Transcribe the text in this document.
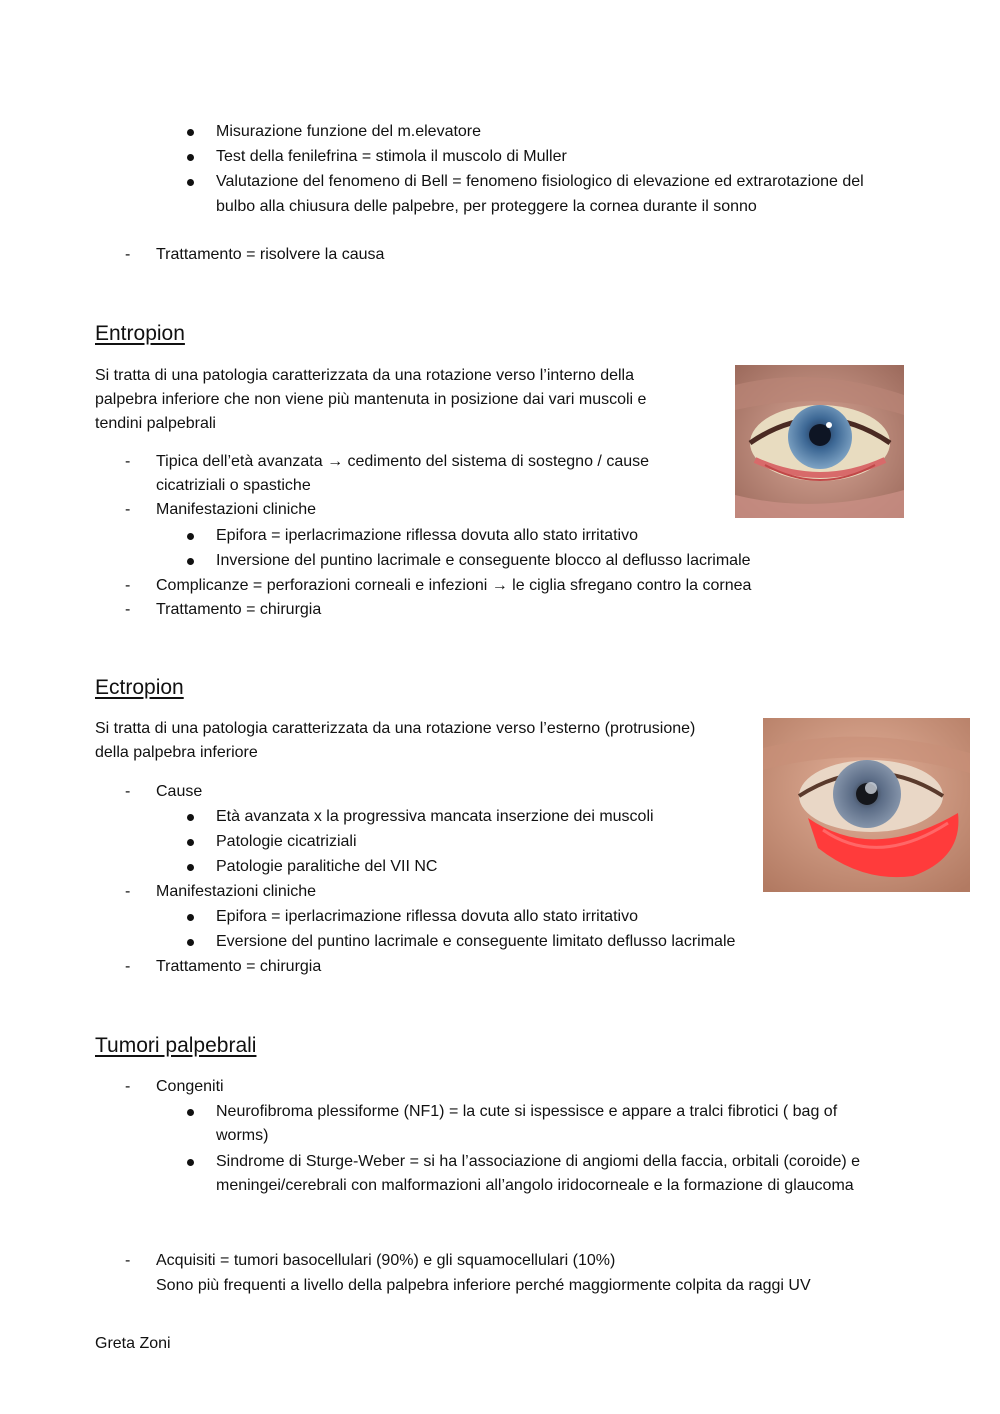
Misurazione funzione del m.elevatore
Test della fenilefrina = stimola il muscolo di Muller
Valutazione del fenomeno di Bell = fenomeno fisiologico di elevazione ed extrarotazione del
bulbo alla chiusura delle palpebre, per proteggere la cornea durante il sonno
- Trattamento = risolvere la causa
Entropion
Si tratta di una patologia caratterizzata da una rotazione verso l’interno della
palpebra inferiore che non viene più mantenuta in posizione dai vari muscoli e
tendini palpebrali
- Tipica dell’età avanzata → cedimento del sistema di sostegno / cause
cicatriziali o spastiche
- Manifestazioni cliniche
Epifora = iperlacrimazione riflessa dovuta allo stato irritativo
Inversione del puntino lacrimale e conseguente blocco al deflusso lacrimale
- Complicanze = perforazioni corneali e infezioni → le ciglia sfregano contro la cornea
- Trattamento = chirurgia
Ectropion
Si tratta di una patologia caratterizzata da una rotazione verso l’esterno (protrusione)
della palpebra inferiore
- Cause
Età avanzata x la progressiva mancata inserzione dei muscoli
Patologie cicatriziali
Patologie paralitiche del VII NC
- Manifestazioni cliniche
Epifora = iperlacrimazione riflessa dovuta allo stato irritativo
Eversione del puntino lacrimale e conseguente limitato deflusso lacrimale
- Trattamento = chirurgia
Tumori palpebrali
- Congeniti
Neurofibroma plessiforme (NF1) = la cute si ispessisce e appare a tralci fibrotici ( bag of
worms)
Sindrome di Sturge-Weber = si ha l’associazione di angiomi della faccia, orbitali (coroide) e
meningei/cerebrali con malformazioni all’angolo iridocorneale e la formazione di glaucoma
- Acquisiti = tumori basocellulari (90%) e gli squamocellulari (10%)
Sono più frequenti a livello della palpebra inferiore perché maggiormente colpita da raggi UV
Greta Zoni
